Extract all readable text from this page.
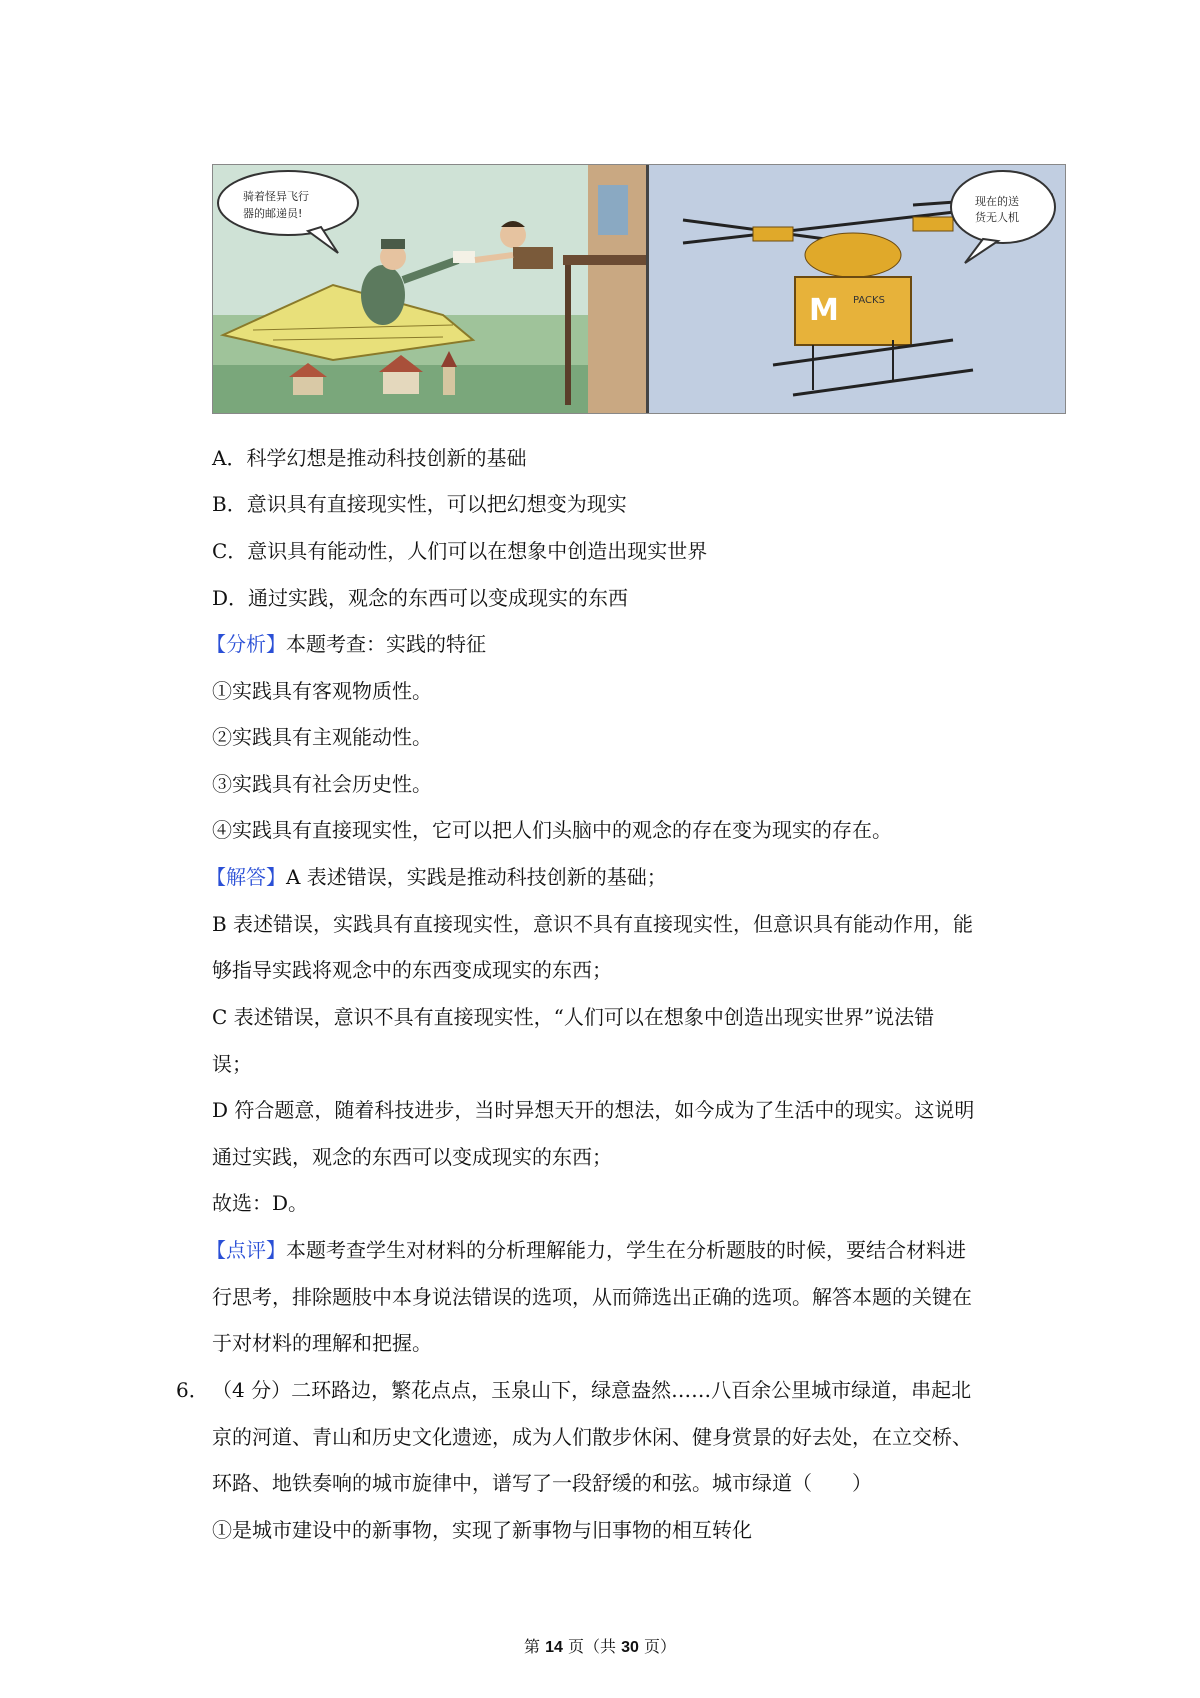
骑着怪异飞行
器的邮递员!
M PACKS
现在的送
货无人机
A．科学幻想是推动科技创新的基础
B．意识具有直接现实性，可以把幻想变为现实
C．意识具有能动性，人们可以在想象中创造出现实世界
D．通过实践，观念的东西可以变成现实的东西
【分析】本题考查：实践的特征
①实践具有客观物质性。
②实践具有主观能动性。
③实践具有社会历史性。
④实践具有直接现实性，它可以把人们头脑中的观念的存在变为现实的存在。
【解答】A 表述错误，实践是推动科技创新的基础；
B 表述错误，实践具有直接现实性，意识不具有直接现实性，但意识具有能动作用，能
够指导实践将观念中的东西变成现实的东西；
C 表述错误，意识不具有直接现实性，“人们可以在想象中创造出现实世界”说法错
误；
D 符合题意，随着科技进步，当时异想天开的想法，如今成为了生活中的现实。这说明
通过实践，观念的东西可以变成现实的东西；
故选：D。
【点评】本题考查学生对材料的分析理解能力，学生在分析题肢的时候，要结合材料进
行思考，排除题肢中本身说法错误的选项，从而筛选出正确的选项。解答本题的关键在
于对材料的理解和把握。
6． （4 分）二环路边，繁花点点，玉泉山下，绿意盎然……八百余公里城市绿道，串起北
京的河道、青山和历史文化遗迹，成为人们散步休闲、健身赏景的好去处，在立交桥、
环路、地铁奏响的城市旋律中，谱写了一段舒缓的和弦。城市绿道（　　）
①是城市建设中的新事物，实现了新事物与旧事物的相互转化
第 14 页（共 30 页）
